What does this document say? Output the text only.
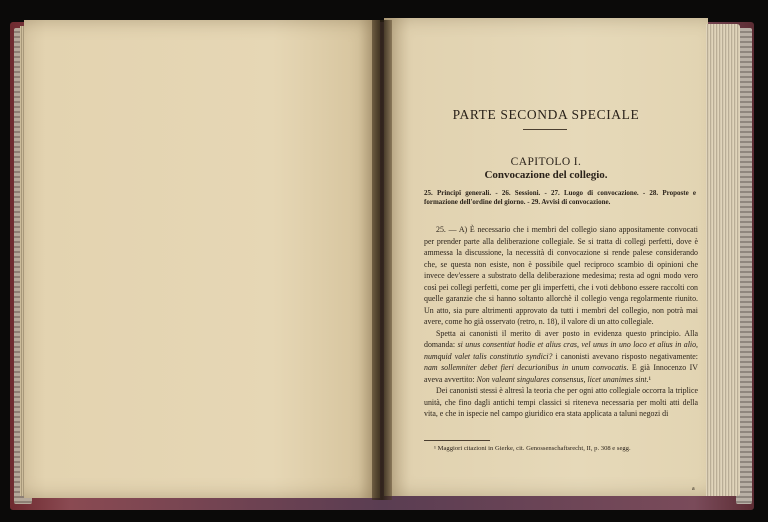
PARTE SECONDA SPECIALE
CAPITOLO I.
Convocazione del collegio.
25. Principî generali. - 26. Sessioni. - 27. Luogo di convocazione. - 28. Proposte e formazione dell'ordine del giorno. - 29. Avvisi di convocazione.

25. — A) È necessario che i membri del collegio siano appositamente convocati per prender parte alla deliberazione collegiale. Se si tratta di collegi perfetti, dove è ammessa la discussione, la necessità di convocazione si rende palese considerando che, se questa non esiste, non è possibile quel reciproco scambio di opinioni che invece dev'essere a substrato della deliberazione medesima; resta ad ogni modo vero così pei collegi perfetti, come per gli imperfetti, che i voti debbono essere raccolti con quelle garanzie che si hanno soltanto allorchè il collegio venga regolarmente riunito. Un atto, sia pure altrimenti approvato da tutti i membri del collegio, non potrà mai avere, come ho già osservato (retro, n. 18), il valore di un atto collegiale.

Spetta ai canonisti il merito di aver posto in evidenza questo principio. Alla domanda: si unus consentiat hodie et alius cras, vel unus in uno loco et alius in alio, numquid valet talis constitutio syndici? i canonisti avevano risposto negativamente: nam sollemniter debet fieri decurionibus in unum convocatis. E già Innocenzo IV aveva avvertito: Non valeant singulares consensus, licet unanimes sint.¹

Dei canonisti stessi è altresì la teoria che per ogni atto collegiale occorra la triplice unità, che fino dagli antichi tempi classici si riteneva necessaria per molti atti della vita, e che in ispecie nel campo giuridico era stata applicata a taluni negozi di

¹ Maggiori citazioni in Gierke, cit. Genossenschaftsrecht, II, p. 308 e segg.
a
